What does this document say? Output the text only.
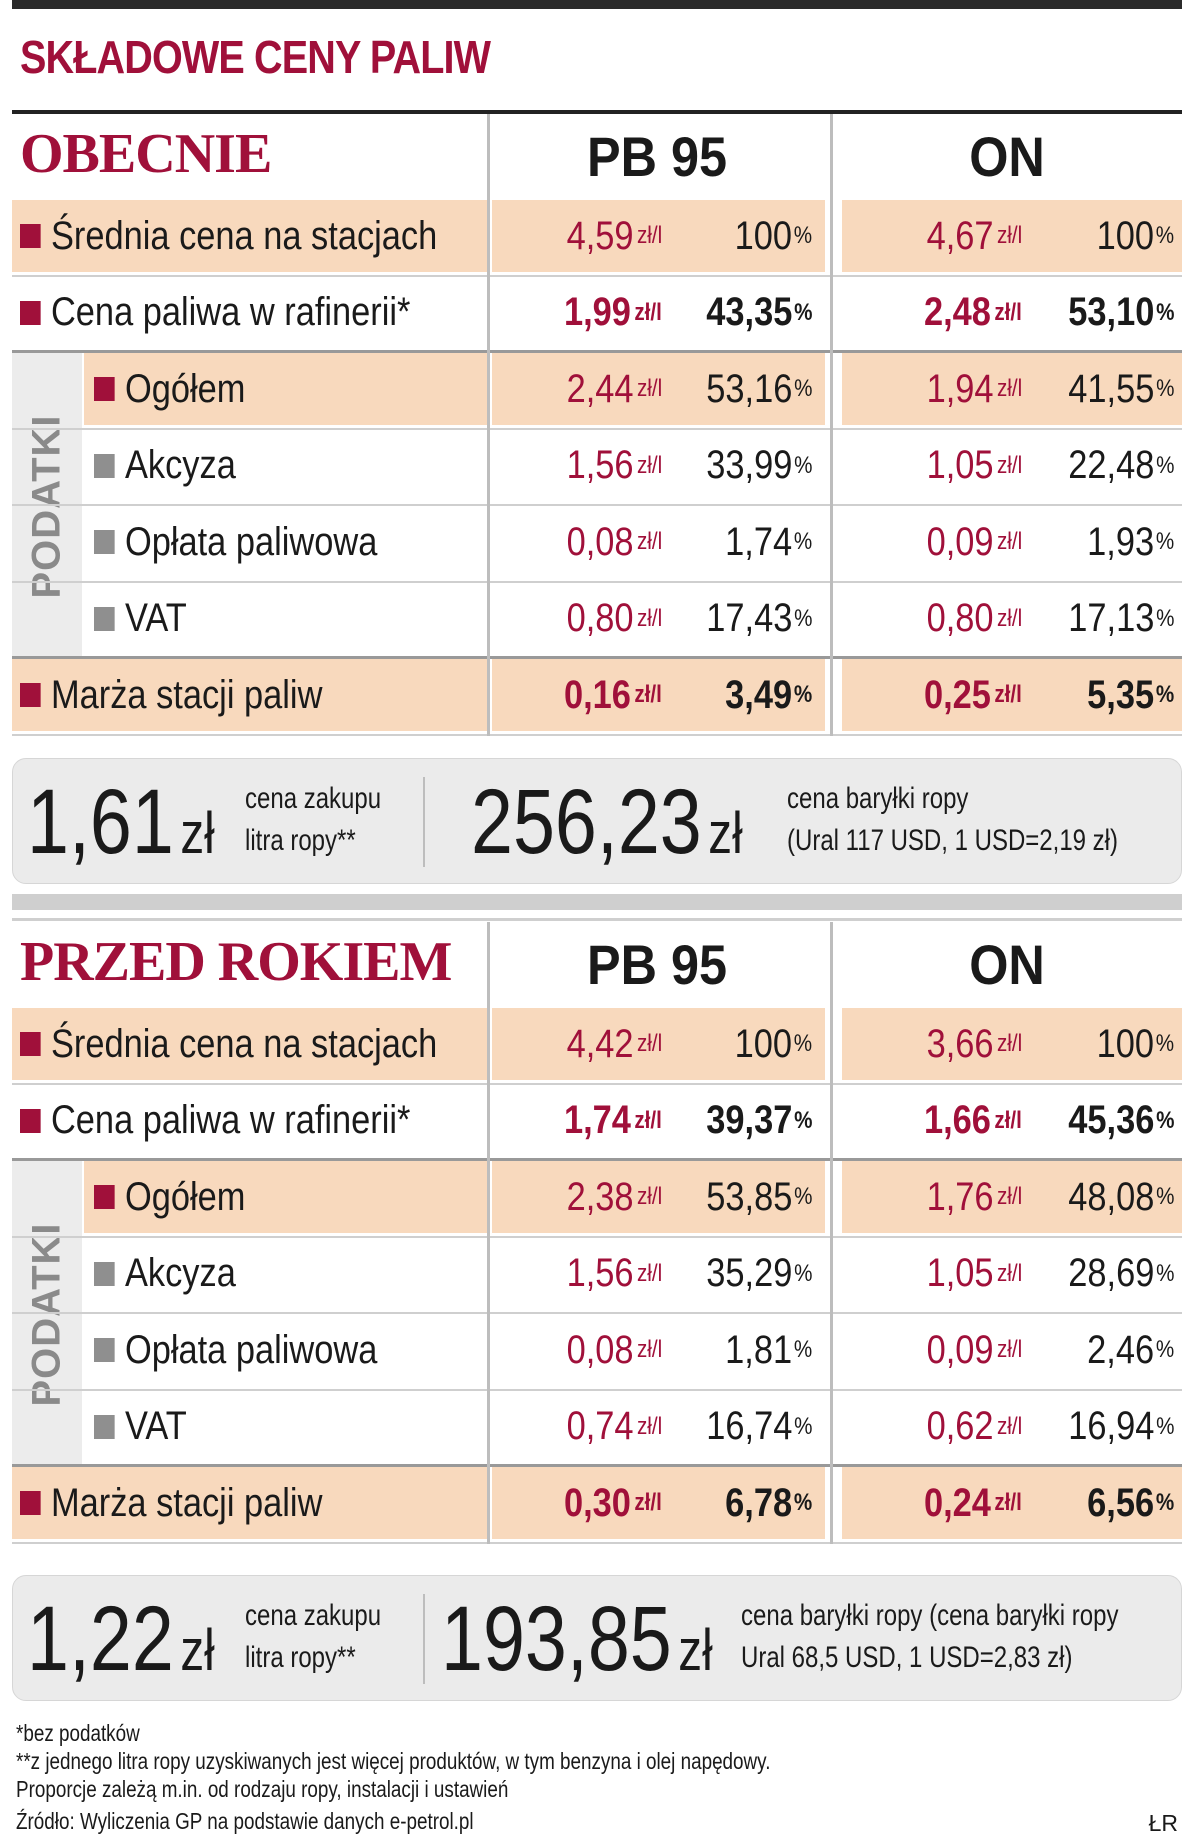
SKŁADOWE CENY PALIW
OBECNIE	PB 95	ON
PODATKI
Średnia cena na stacjach	4,59 zł/l 100 %	4,67 zł/l 100 %
Cena paliwa w rafinerii*	1,99 zł/l 43,35 %	2,48 zł/l 53,10 %
Ogółem	2,44 zł/l 53,16 %	1,94 zł/l 41,55 %
Akcyza	1,56 zł/l 33,99 %	1,05 zł/l 22,48 %
Opłata paliwowa	0,08 zł/l 1,74 %	0,09 zł/l 1,93 %
VAT	0,80 zł/l 17,43 %	0,80 zł/l 17,13 %
Marża stacji paliw	0,16 zł/l 3,49 %	0,25 zł/l 5,35 %
PRZED ROKIEM	PB 95	ON
PODATKI
Średnia cena na stacjach	4,42 zł/l 100 %	3,66 zł/l 100 %
Cena paliwa w rafinerii*	1,74 zł/l 39,37 %	1,66 zł/l 45,36 %
Ogółem	2,38 zł/l 53,85 %	1,76 zł/l 48,08 %
Akcyza	1,56 zł/l 35,29 %	1,05 zł/l 28,69 %
Opłata paliwowa	0,08 zł/l 1,81 %	0,09 zł/l 2,46 %
VAT	0,74 zł/l 16,74 %	0,62 zł/l 16,94 %
Marża stacji paliw	0,30 zł/l 6,78 %	0,24 zł/l 6,56 %
*bez podatków
**z jednego litra ropy uzyskiwanych jest więcej produktów, w tym benzyna i olej napędowy.
Proporcje zależą m.in. od rodzaju ropy, instalacji i ustawień
Źródło: Wyliczenia GP na podstawie danych e-petrol.pl	ŁR
1,61 zł
cena zakupu
litra ropy** 256,23 zł
cena baryłki ropy
(Ural 117 USD, 1 USD=2,19 zł)
1,22 zł
cena zakupu
litra ropy** 193,85 zł
cena baryłki ropy (cena baryłki ropy
Ural 68,5 USD, 1 USD=2,83 zł)
